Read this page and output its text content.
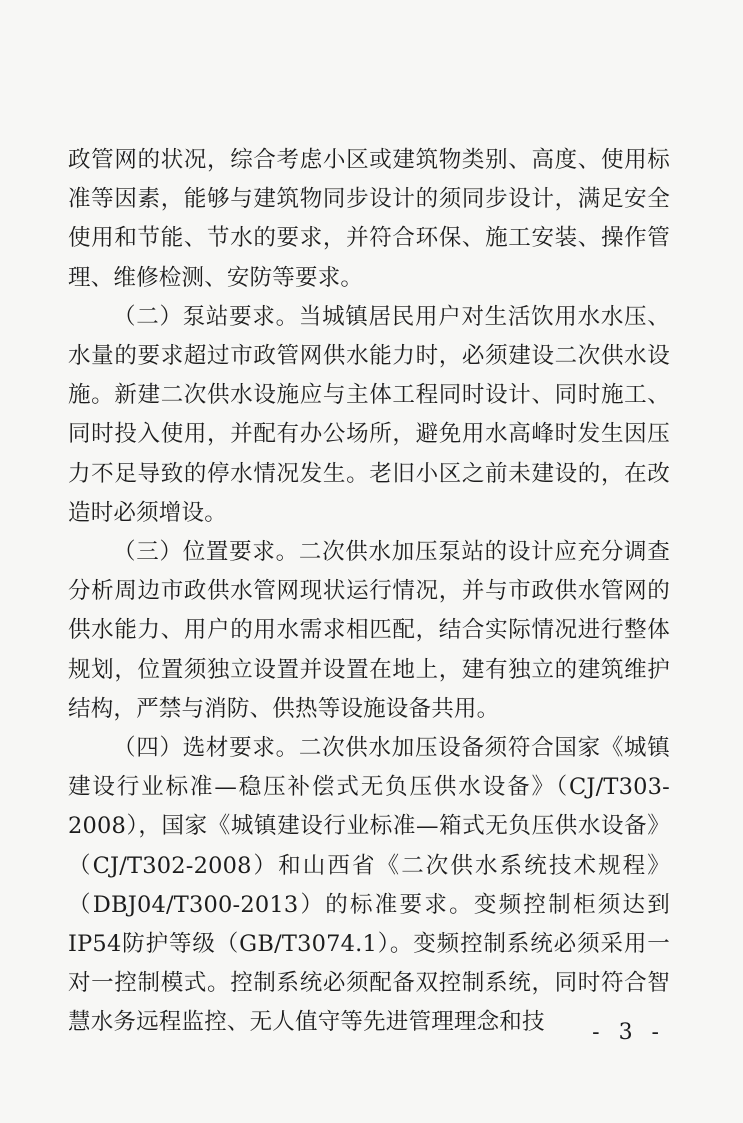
政管网的状况，综合考虑小区或建筑物类别、高度、使用标准等因素，能够与建筑物同步设计的须同步设计，满足安全使用和节能、节水的要求，并符合环保、施工安装、操作管理、维修检测、安防等要求。

（二）泵站要求。当城镇居民用户对生活饮用水水压、水量的要求超过市政管网供水能力时，必须建设二次供水设施。新建二次供水设施应与主体工程同时设计、同时施工、同时投入使用，并配有办公场所，避免用水高峰时发生因压力不足导致的停水情况发生。老旧小区之前未建设的，在改造时必须增设。

（三）位置要求。二次供水加压泵站的设计应充分调查分析周边市政供水管网现状运行情况，并与市政供水管网的供水能力、用户的用水需求相匹配，结合实际情况进行整体规划，位置须独立设置并设置在地上，建有独立的建筑维护结构，严禁与消防、供热等设施设备共用。

（四）选材要求。二次供水加压设备须符合国家《城镇建设行业标准—稳压补偿式无负压供水设备》（CJ/T303-2008），国家《城镇建设行业标准—箱式无负压供水设备》（CJ/T302-2008）和山西省《二次供水系统技术规程》（DBJ04/T300-2013）的标准要求。变频控制柜须达到IP54防护等级（GB/T3074.1）。变频控制系统必须采用一对一控制模式。控制系统必须配备双控制系统，同时符合智慧水务远程监控、无人值守等先进管理理念和技	- 3 -
